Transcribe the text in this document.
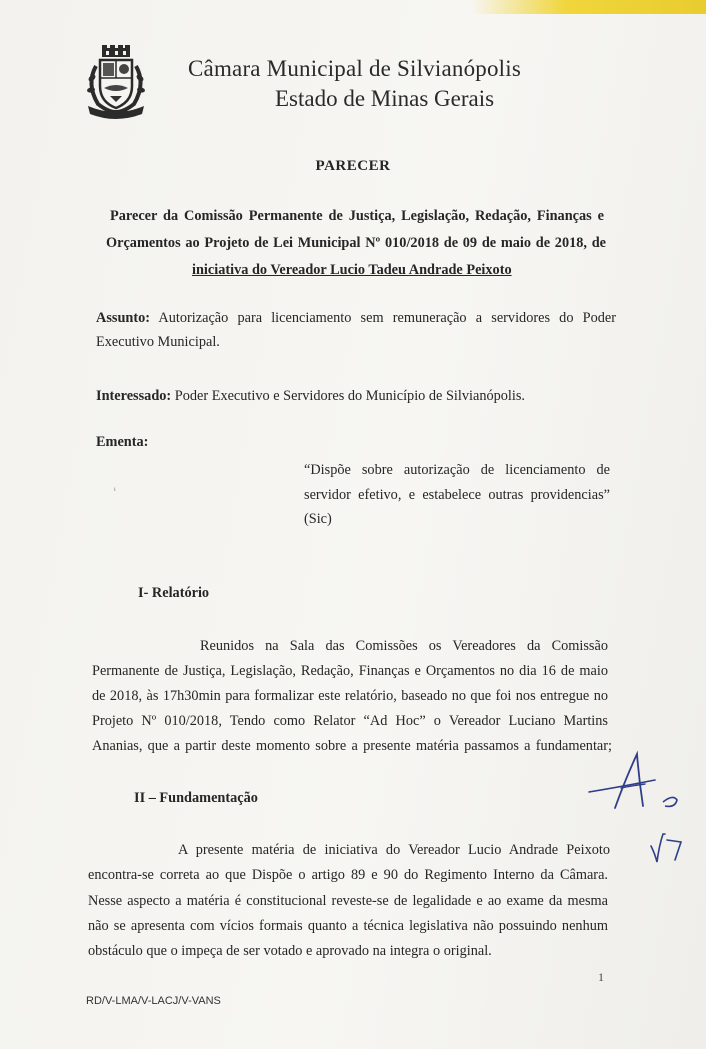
Câmara Municipal de Silvianópolis
Estado de Minas Gerais
PARECER
Parecer da Comissão Permanente de Justiça, Legislação, Redação, Finanças e
Orçamentos ao Projeto de Lei Municipal Nº 010/2018 de 09 de maio de 2018, de
iniciativa do Vereador Lucio Tadeu Andrade Peixoto
Assunto: Autorização para licenciamento sem remuneração a servidores do Poder
Executivo Municipal.
Interessado: Poder Executivo e Servidores do Município de Silvianópolis.
Ementa:
“Dispõe sobre autorização de licenciamento de
servidor efetivo, e estabelece outras providencias”
(Sic)
I- Relatório
Reunidos na Sala das Comissões os Vereadores da Comissão
Permanente de Justiça, Legislação, Redação, Finanças e Orçamentos no dia 16 de maio
de 2018, às 17h30min para formalizar este relatório, baseado no que foi nos entregue no
Projeto Nº 010/2018, Tendo como Relator “Ad Hoc” o Vereador Luciano Martins
Ananias, que a partir deste momento sobre a presente matéria passamos a fundamentar;
II – Fundamentação
A presente matéria de iniciativa do Vereador Lucio Andrade Peixoto
encontra-se correta ao que Dispõe o artigo 89 e 90 do Regimento Interno da Câmara.
Nesse aspecto a matéria é constitucional reveste-se de legalidade e ao exame da mesma
não se apresenta com vícios formais quanto a técnica legislativa não possuindo nenhum
obstáculo que o impeça de ser votado e aprovado na integra o original.
ᵢ
1
RD/V-LMA/V-LACJ/V-VANS
